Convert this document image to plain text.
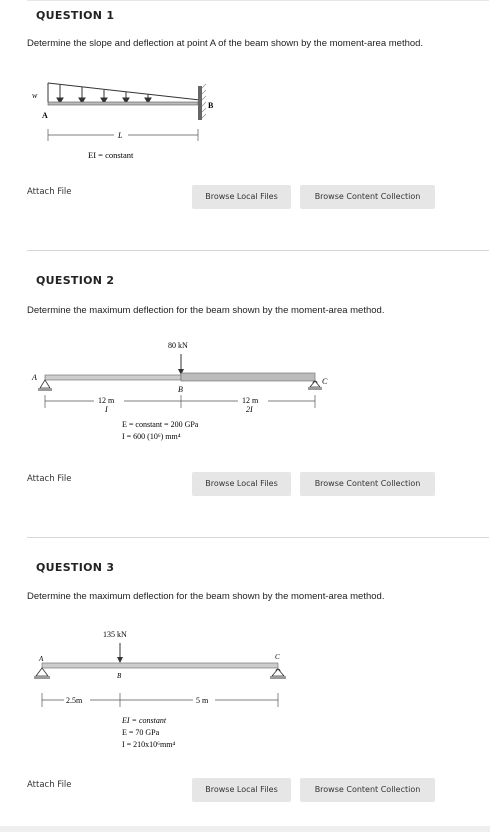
QUESTION 1
Determine the slope and deflection at point A of the beam shown by the moment-area method.
w
A
B
L
EI = constant
Attach File	Browse Local Files	Browse Content Collection
QUESTION 2
Determine the maximum deflection for the beam shown by the moment-area method.
80 kN
A
B
C
12 m
I
12 m
2I
E = constant = 200 GPa
I = 600 (10⁶) mm⁴
Attach File	Browse Local Files	Browse Content Collection
QUESTION 3
Determine the maximum deflection for the beam shown by the moment-area method.
135 kN
A
B
C
2.5m	5 m
EI = constant
E = 70 GPa
I = 210x10⁶mm⁴
Attach File	Browse Local Files	Browse Content Collection
